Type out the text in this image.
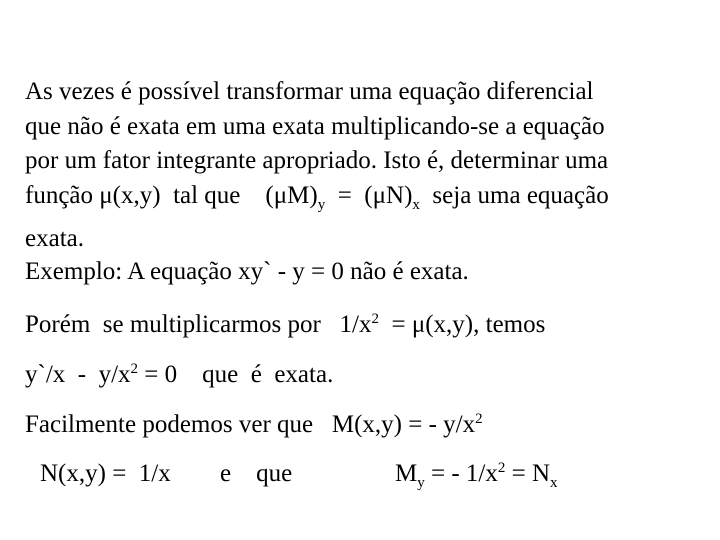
As vezes é possível transformar uma equação diferencial
que não é exata em uma exata multiplicando-se a equação
por um fator integrante apropriado. Isto é, determinar uma
função μ(x,y)  tal que    $(\mu M)_y = (\mu N)_x$  seja uma equação
exata.
Exemplo: A equação xy` - y = 0 não é exata.
Porém  se multiplicarmos por   $1/x^2 = \mu(x,y)$, temos
y`/x  -  $y/x^2 = 0$    que  é  exata.
Facilmente podemos ver que   M(x,y) = - $y/x^2$
N(x,y) =  1/x e    que	$M_y$ = - $1/x^2 = N_x$
